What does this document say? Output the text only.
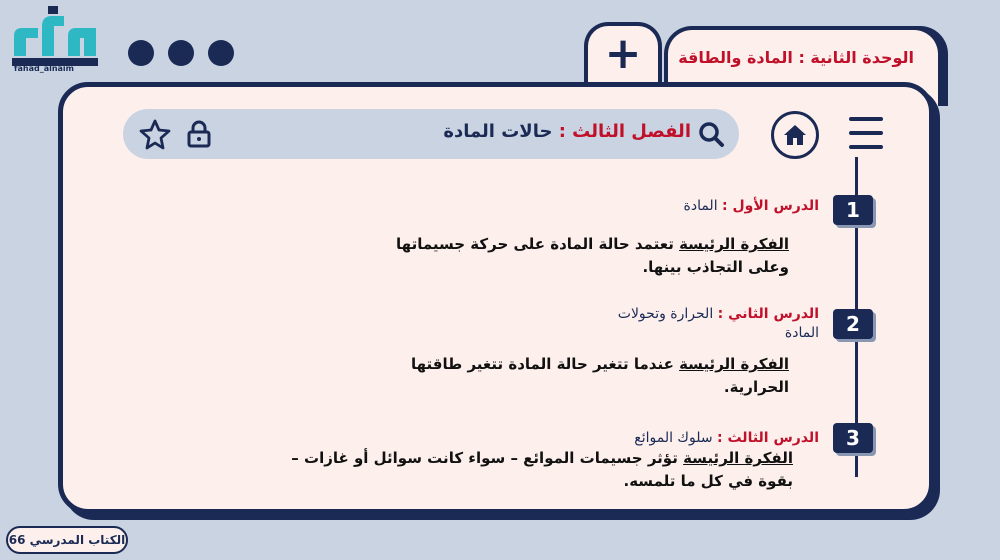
fahad_alnaim	+	الوحدة الثانية : المادة والطاقة
الفصل الثالث : حالات المادة
1
الدرس الأول : المادة
الفكرة الرئيسة تعتمد حالة المادة على حركة جسيماتها وعلى التجاذب بينها.
2
الدرس الثاني : الحرارة وتحولات المادة
الفكرة الرئيسة عندما تتغير حالة المادة تتغير طاقتها الحرارية.
3
الدرس الثالث : سلوك الموائع
الفكرة الرئيسة تؤثر جسيمات الموائع – سواء كانت سوائل أو غازات – بقوة في كل ما تلمسه.
الكتاب المدرسي

66
